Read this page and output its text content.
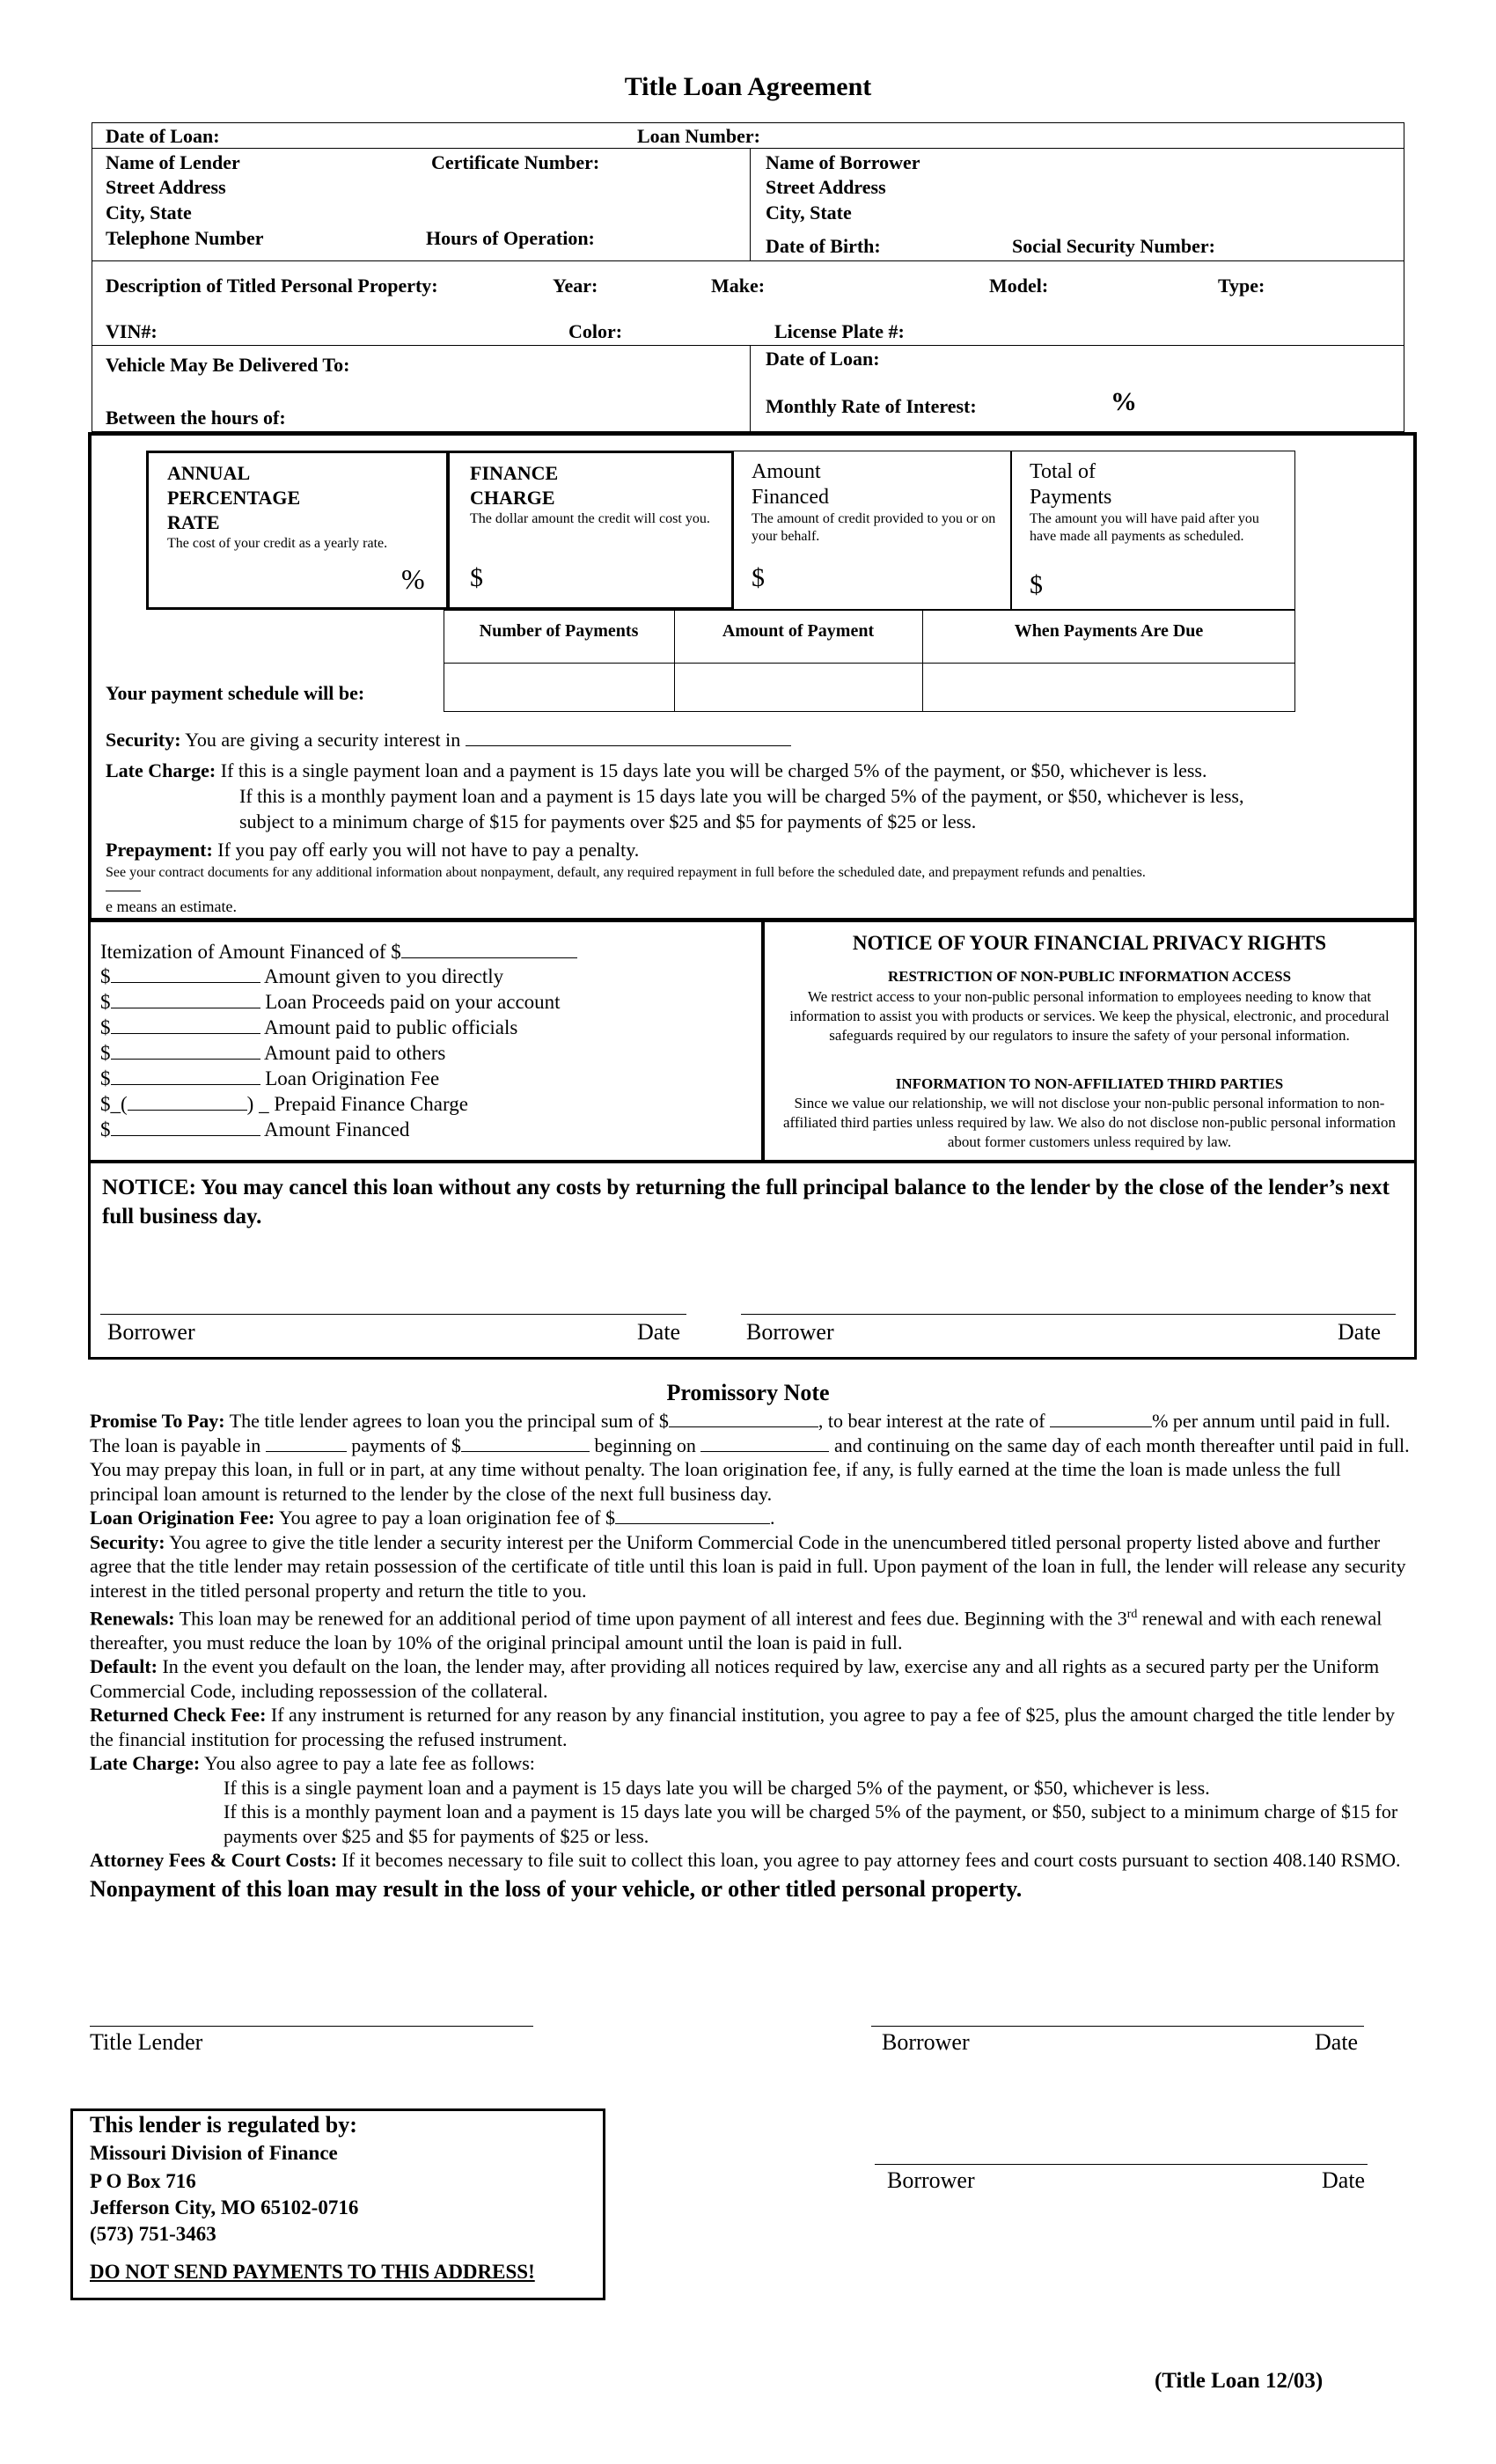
Title Loan Agreement
Date of Loan:	Loan Number:
Name of Lender
Street Address
City, State
Telephone Number
Certificate Number:
Hours of Operation:
Name of Borrower
Street Address
City, State
Date of Birth:	Social Security Number:
Description of Titled Personal Property:	Year:	Make:	Model:	Type:
VIN#:	Color:	License Plate #:
Vehicle May Be Delivered To:
Between the hours of:
Date of Loan:
Monthly Rate of Interest:	%
ANNUAL
PERCENTAGE
RATE
The cost of your credit as a yearly rate.
%
FINANCE
CHARGE
The dollar amount the credit will cost you.
$
Amount
Financed
The amount of credit provided to you or on your behalf.
$
Total of
Payments
The amount you will have paid after you have made all payments as scheduled.
$
Number of Payments	Amount of Payment	When Payments Are Due
Your payment schedule will be:
Security: You are giving a security interest in
Late Charge: If this is a single payment loan and a payment is 15 days late you will be charged 5% of the payment, or $50, whichever is less.
If this is a monthly payment loan and a payment is 15 days late you will be charged 5% of the payment, or $50, whichever is less,
subject to a minimum charge of $15 for payments over $25 and $5 for payments of $25 or less.
Prepayment: If you pay off early you will not have to pay a penalty.
See your contract documents for any additional information about nonpayment, default, any required repayment in full before the scheduled date, and prepayment refunds and penalties.
e means an estimate.
Itemization of Amount Financed of $
$	Amount given to you directly
$	Loan Proceeds paid on your account
$	Amount paid to public officials
$	Amount paid to others
$	Loan Origination Fee
$_(	) _ Prepaid Finance Charge
$	Amount Financed
NOTICE OF YOUR FINANCIAL PRIVACY RIGHTS
RESTRICTION OF NON-PUBLIC INFORMATION ACCESS
We restrict access to your non-public personal information to employees needing to know that information to assist you with products or services. We keep the physical, electronic, and procedural safeguards required by our regulators to insure the safety of your personal information.
INFORMATION TO NON-AFFILIATED THIRD PARTIES
Since we value our relationship, we will not disclose your non-public personal information to non-affiliated third parties unless required by law. We also do not disclose non-public personal information about former customers unless required by law.
NOTICE: You may cancel this loan without any costs by returning the full principal balance to the lender by the close of the lender’s next full business day.
Borrower	Date	Borrower	Date
Promissory Note

Promise To Pay: The title lender agrees to loan you the principal sum of $	, to bear interest at the rate of	% per annum until paid in full. The loan is payable in	payments of $	beginning on	and continuing on the same day of each month thereafter until paid in full. You may prepay this loan, in full or in part, at any time without penalty. The loan origination fee, if any, is fully earned at the time the loan is made unless the full principal loan amount is returned to the lender by the close of the next full business day.

Loan Origination Fee: You agree to pay a loan origination fee of $	.

Security: You agree to give the title lender a security interest per the Uniform Commercial Code in the unencumbered titled personal property listed above and further agree that the title lender may retain possession of the certificate of title until this loan is paid in full. Upon payment of the loan in full, the lender will release any security interest in the titled personal property and return the title to you.

Renewals: This loan may be renewed for an additional period of time upon payment of all interest and fees due. Beginning with the 3rd renewal and with each renewal thereafter, you must reduce the loan by 10% of the original principal amount until the loan is paid in full.

Default: In the event you default on the loan, the lender may, after providing all notices required by law, exercise any and all rights as a secured party per the Uniform Commercial Code, including repossession of the collateral.

Returned Check Fee: If any instrument is returned for any reason by any financial institution, you agree to pay a fee of $25, plus the amount charged the title lender by the financial institution for processing the refused instrument.

Late Charge: You also agree to pay a late fee as follows:

If this is a single payment loan and a payment is 15 days late you will be charged 5% of the payment, or $50, whichever is less.

If this is a monthly payment loan and a payment is 15 days late you will be charged 5% of the payment, or $50, subject to a minimum charge of $15 for payments over $25 and $5 for payments of $25 or less.

Attorney Fees & Court Costs: If it becomes necessary to file suit to collect this loan, you agree to pay attorney fees and court costs pursuant to section 408.140 RSMO.

Nonpayment of this loan may result in the loss of your vehicle, or other titled personal property.

Title Lender	Borrower	Date
Borrower	Date
This lender is regulated by:
Missouri Division of Finance
P O Box 716
Jefferson City, MO 65102-0716
(573) 751-3463
DO NOT SEND PAYMENTS TO THIS ADDRESS!
(Title Loan 12/03)
